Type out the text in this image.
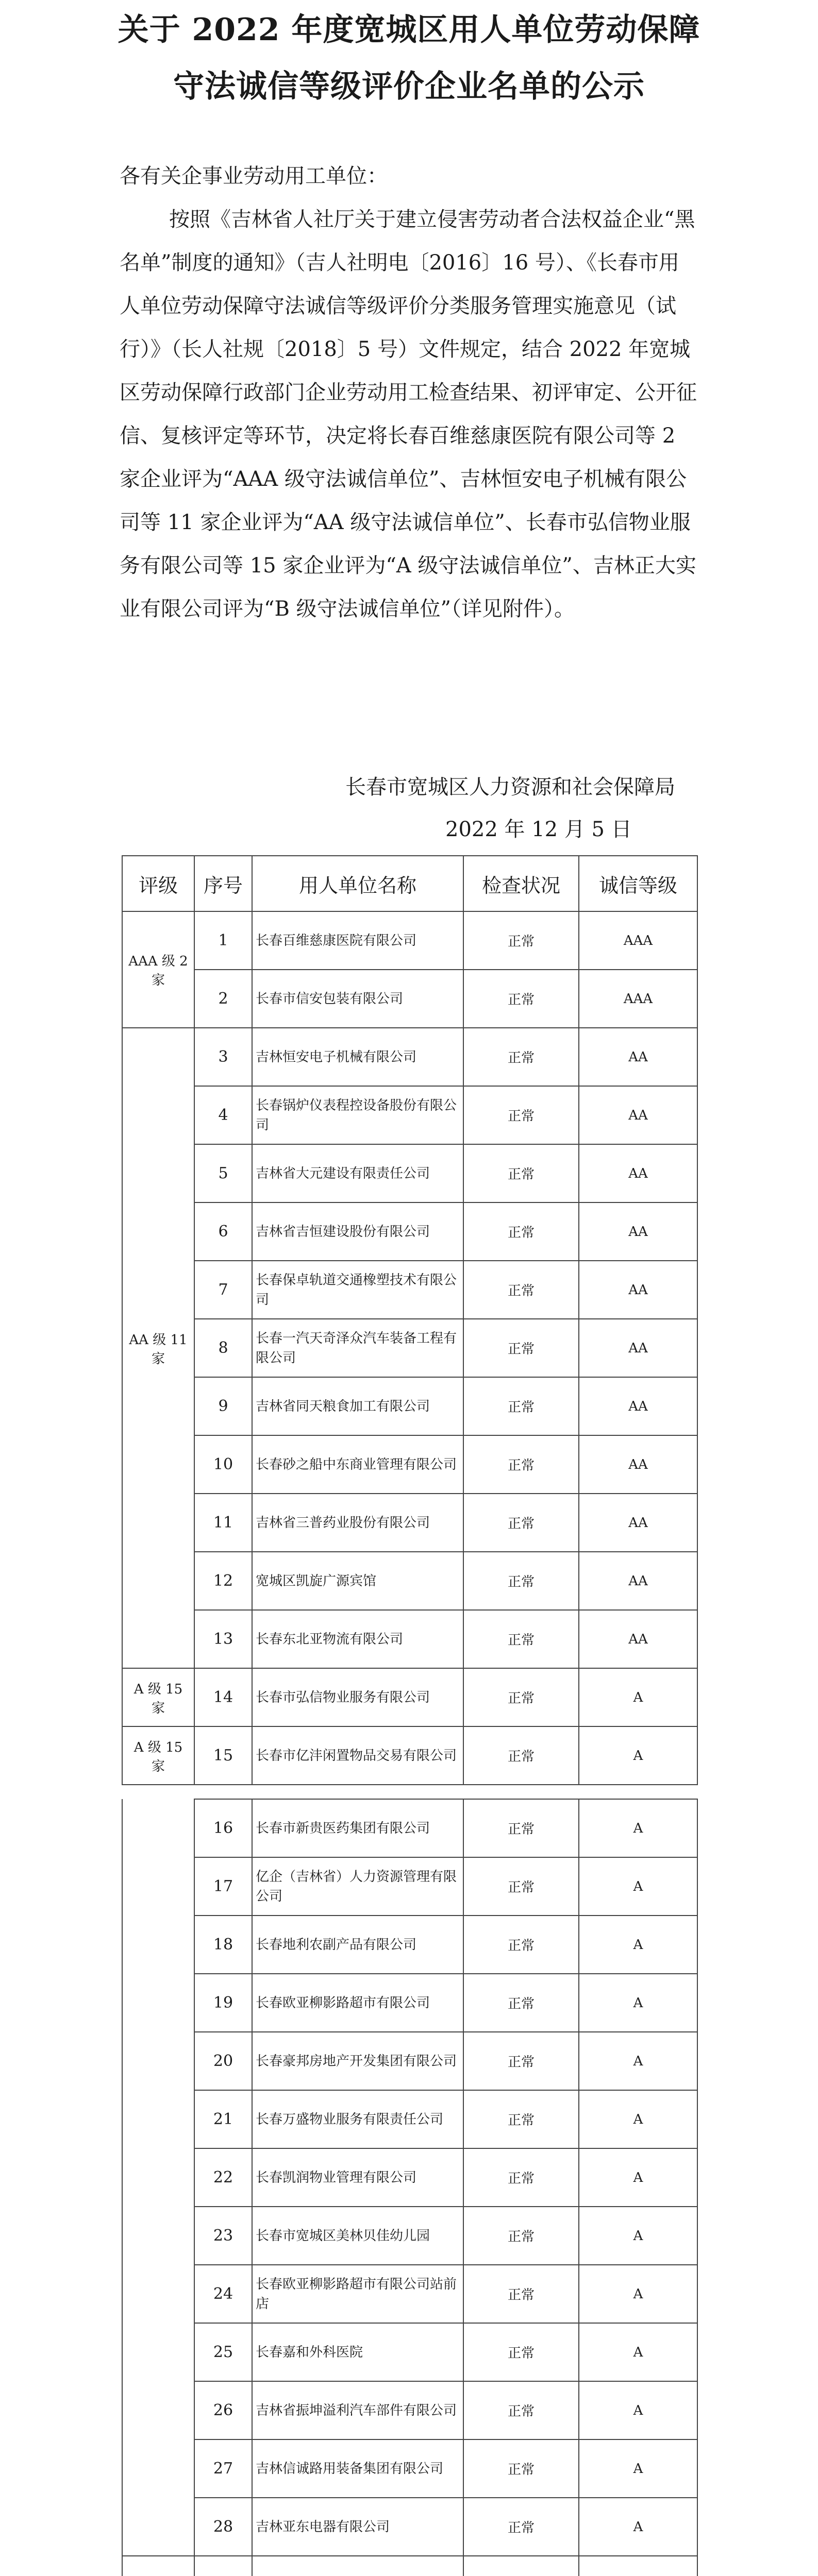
关于 2022 年度宽城区用人单位劳动保障
守法诚信等级评价企业名单的公示
各有关企事业劳动用工单位：
按照《吉林省人社厅关于建立侵害劳动者合法权益企业“黑名单”制度的通知》（吉人社明电〔2016〕16 号）、《长春市用人单位劳动保障守法诚信等级评价分类服务管理实施意见（试行）》（长人社规〔2018〕5 号）文件规定，结合 2022 年宽城区劳动保障行政部门企业劳动用工检查结果、初评审定、公开征信、复核评定等环节，决定将长春百维慈康医院有限公司等 2 家企业评为“AAA 级守法诚信单位”、吉林恒安电子机械有限公司等 11 家企业评为“AA 级守法诚信单位”、长春市弘信物业服务有限公司等 15 家企业评为“A 级守法诚信单位”、吉林正大实业有限公司评为“B 级守法诚信单位”（详见附件）。
长春市宽城区人力资源和社会保障局
2022 年 12 月 5 日
评级	序号	用人单位名称	检查状况	诚信等级
AAA 级 2 家	1	长春百维慈康医院有限公司	正常	AAA
	2	长春市信安包装有限公司	正常	AAA
AA 级 11 家	3	吉林恒安电子机械有限公司	正常	AA
	4	长春锅炉仪表程控设备股份有限公司	正常	AA
	5	吉林省大元建设有限责任公司	正常	AA
	6	吉林省吉恒建设股份有限公司	正常	AA
	7	长春保卓轨道交通橡塑技术有限公司	正常	AA
	8	长春一汽天奇泽众汽车装备工程有限公司	正常	AA
	9	吉林省同天粮食加工有限公司	正常	AA
	10	长春砂之船中东商业管理有限公司	正常	AA
	11	吉林省三普药业股份有限公司	正常	AA
	12	宽城区凯旋广源宾馆	正常	AA
	13	长春东北亚物流有限公司	正常	AA
A 级 15 家	14	长春市弘信物业服务有限公司	正常	A
A 级 15 家	15	长春市亿沣闲置物品交易有限公司	正常	A

	16	长春市新贵医药集团有限公司	正常	A
	17	亿企（吉林省）人力资源管理有限公司	正常	A
	18	长春地利农副产品有限公司	正常	A
	19	长春欧亚柳影路超市有限公司	正常	A
	20	长春豪邦房地产开发集团有限公司	正常	A
	21	长春万盛物业服务有限责任公司	正常	A
	22	长春凯润物业管理有限公司	正常	A
	23	长春市宽城区美林贝佳幼儿园	正常	A
	24	长春欧亚柳影路超市有限公司站前店	正常	A
	25	长春嘉和外科医院	正常	A
	26	吉林省振坤溢利汽车部件有限公司	正常	A
	27	吉林信诚路用装备集团有限公司	正常	A
	28	吉林亚东电器有限公司	正常	A
